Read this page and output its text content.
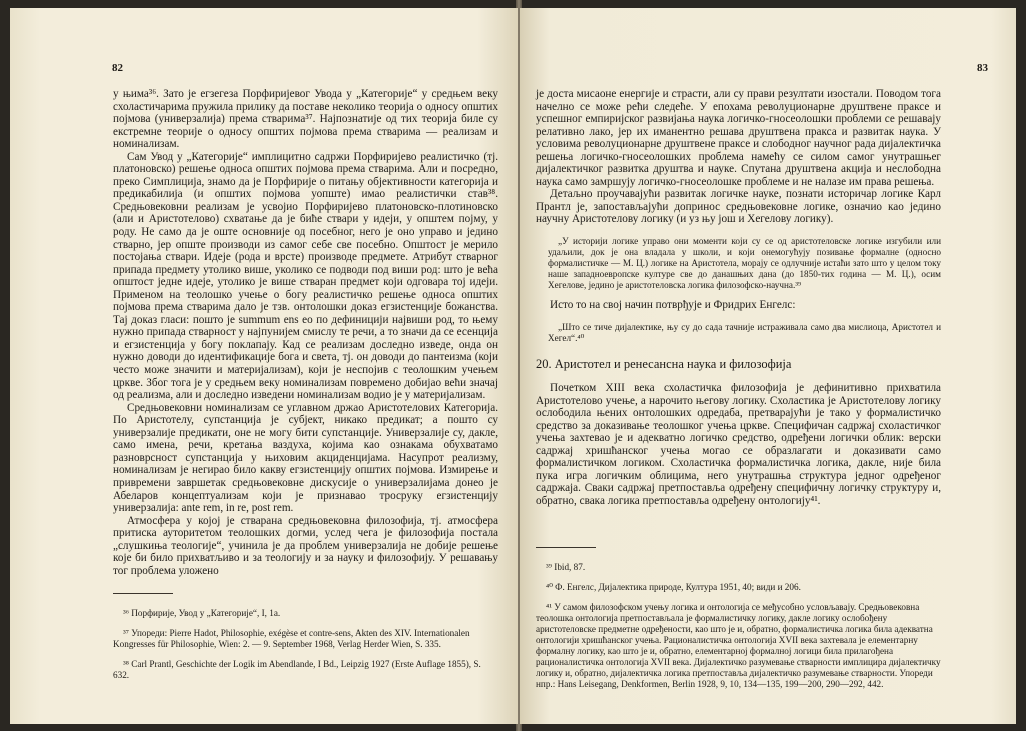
82

у њима³⁶. Зато је егзегеза Порфиријевог Увода у „Категорије“ у средњем веку схоластичарима пружила прилику да поставе неколико теорија о односу општих појмова (универзалија) према стварима³⁷. Најпознатије од тих теорија биле су екстремне теорије о односу општих појмова према стварима — реализам и номинализам.

Сам Увод у „Категорије“ имплицитно садржи Порфиријево реалистичко (тј. платоновско) решење односа општих појмова према стварима. Али и посредно, преко Симплиција, знамо да је Порфирије о питању објективности категорија и предикабилија (и општих појмова уопште) имао реалистички став³⁸. Средњовековни реализам је усвојио Порфиријево платоновско-плотиновско (али и Аристотелово) схватање да је биће ствари у идеји, у општем појму, у роду. Не само да је оште основније од посебног, него је оно управо и једино стварно, јер опште производи из самог себе све посебно. Општост је мерило постојања ствари. Идеје (рода и врсте) производе предмете. Атрибут стварног припада предмету утолико више, уколико се подводи под виши род: што је већа општост једне идеје, утолико је више стваран предмет који одговара тој идеји. Применом на теолошко учење о богу реалистичко решење односа општих појмова према стварима дало је тзв. онтолошки доказ егзистенције божанства. Тај доказ гласи: пошто је summum ens eo по дефиницији највиши род, то њему нужно припада стварност у најпунијем смислу те речи, а то значи да се есенција и егзистенција у богу поклапају. Кад се реализам доследно изведе, онда он нужно доводи до идентификације бога и света, тј. он доводи до пантеизма (који често може значити и материјализам), који је неспојив с теолошким учењем цркве. Због тога је у средњем веку номинализам повремено добијао већи значај од реализма, али и доследно изведени номинализам водио је у материјализам.

Средњовековни номинализам се углавном држао Аристотелових Категорија. По Аристотелу, супстанција је субјект, никако предикат; а пошто су универзалије предикати, оне не могу бити супстанције. Универзалије су, дакле, само имена, речи, кретања ваздуха, којима као ознакама обухватамо разноврсност супстанција у њиховим акциденцијама. Насупрот реализму, номинализам је негирао било какву егзистенцију општих појмова. Измирење и привремени завршетак средњовековне дискусије о универзалијама донео је Абеларов концептуализам који је признавао тросруку егзистенцију универзалија: ante rem, in re, post rem.

Атмосфера у којој је стварана средњовековна филозофија, тј. атмосфера притиска ауторитетом теолошких догми, услед чега је филозофија постала „слушкиња теологије“, учинила је да проблем универзалија не добије решење које би било прихватљиво и за теологију и за науку и филозофију. У решавању тог проблема уложено

³⁶ Порфирије, Увод у „Категорије“, I, 1a.

³⁷ Упореди: Pierre Hadot, Philosophie, exégèse et contre-sens, Akten des XIV. Internationalen Kongresses für Philosophie, Wien: 2. — 9. September 1968, Verlag Herder Wien, S. 335.

³⁸ Carl Prantl, Geschichte der Logik im Abendlande, I Bd., Leipzig 1927 (Erste Auflage 1855), S. 632.

83

је доста мисаоне енергије и страсти, али су прави резултати изостали. Поводом тога начелно се може рећи следеће. У епохама револуционарне друштвене праксе и успешног емпиријског развијања наука логичко-гносеолошки проблеми се решавају релативно лако, јер их иманентно решава друштвена пракса и развитак наука. У условима револуционарне друштвене праксе и слободног научног рада дијалектичка решења логичко-гносеолошких проблема намећу се силом самог унутрашњег дијалектичког развитка друштва и науке. Спутана друштвена акција и неслободна наука само замршују логичко-гносеолошке проблеме и не налазе им права решења.

Детаљно проучавајући развитак логичке науке, познати историчар логике Карл Прантл је, запостављајући допринос средњовековне логике, означио као једино научну Аристотелову логику (и уз њу још и Хегелову логику).

„У историји логике управо они моменти који су се од аристотеловске логике изгубили или удаљили, док је она владала у школи, и који онемогућују позивање формалне (односно формалистичке — М. Ц.) логике на Аристотела, морају се одлучније истаћи зато што у целом току наше западноевропске културе све до данашњих дана (до 1850-тих година — М. Ц.), осим Хегелове, једино је аристотеловска логика филозофско-научна.³⁹

Исто то на свој начин потврђује и Фридрих Енгелс:

„Што се тиче дијалектике, њу су до сада тачније истраживала само два мислиоца, Аристотел и Хегел“.⁴⁰

20. Аристотел и ренесансна наука и филозофија

Почетком XIII века схоластичка филозофија је дефинитивно прихватила Аристотелово учење, а нарочито његову логику. Схоластика је Аристотелову логику ослободила њених онтолошких одредаба, претварајући је тако у формалистичко средство за доказивање теолошког учења цркве. Специфичан садржај схоластичког учења захтевао је и адекватно логичко средство, одређени логички облик: верски садржај хришћанског учења могао се образлагати и доказивати само формалистичком логиком. Схоластичка формалистичка логика, дакле, није била пука игра логичким облицима, него унутрашња структура једног одређеног садржаја. Сваки садржај претпоставља одређену специфичну логичку структуру и, обратно, свака логика претпоставља одређену онтологију⁴¹.

³⁹ Ibid, 87.

⁴⁰ Ф. Енгелс, Дијалектика природе, Култура 1951, 40; види и 206.

⁴¹ У самом филозофском учењу логика и онтологија се међусобно условљавају. Средњовековна теолошка онтологија претпостављала је формалистичку логику, дакле логику ослобођену аристотеловске предметне одређености, као што је и, обратно, формалистичка логика била адекватна онтологији хришћанског учења. Рационалистичка онтологија XVII века захтевала је елементарну формалну логику, као што је и, обратно, елементарној формалној логици била прилагођена рационалистичка онтологија XVII века. Дијалектичко разумевање стварности имплицира дијалектичку логику и, обратно, дијалектичка логика претпоставља дијалектичко разумевање стварности. Упореди нпр.: Hans Leisegang, Denkformen, Berlin 1928, 9, 10, 134—135, 199—200, 290—292, 442.
